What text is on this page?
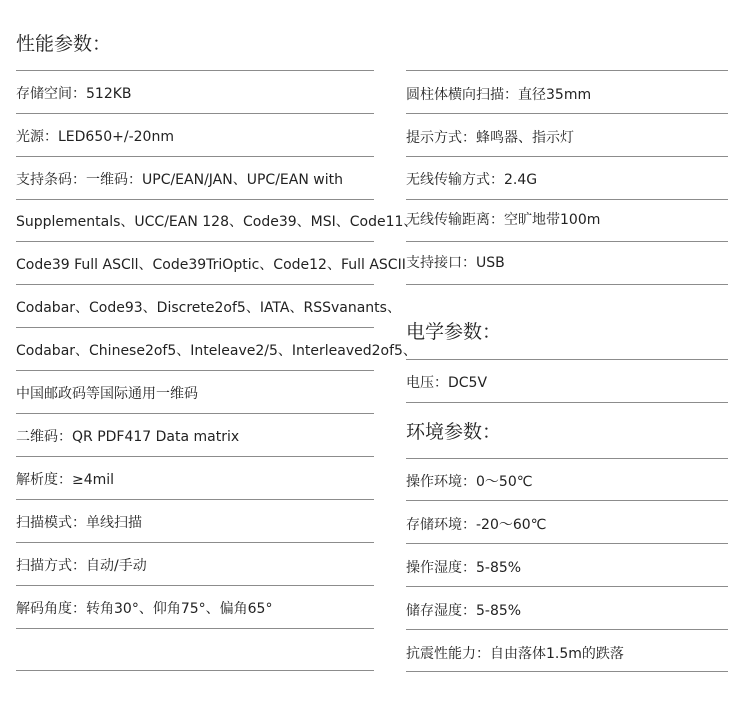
性能参数：
存储空间：512KB
光源：LED650+/-20nm
支持条码：一维码：UPC/EAN/JAN、UPC/EAN with
Supplementals、UCC/EAN 128、Code39、MSI、Code11、
Code39 Full ASCll、Code39TriOptic、Code12、Full ASCII
Codabar、Code93、Discrete2of5、IATA、RSSvanants、
Codabar、Chinese2of5、Inteleave2/5、Interleaved2of5、
中国邮政码等国际通用一维码
二维码：QR PDF417 Data matrix
解析度：≥4mil
扫描模式：单线扫描
扫描方式：自动/手动
解码角度：转角30°、仰角75°、偏角65°
圆柱体横向扫描：直径35mm
提示方式：蜂鸣器、指示灯
无线传输方式：2.4G
无线传输距离：空旷地带100m
支持接口：USB
电学参数：
电压：DC5V
环境参数：
操作环境：0～50℃
存储环境：-20～60℃
操作湿度：5-85%
储存湿度：5-85%
抗震性能力：自由落体1.5m的跌落
